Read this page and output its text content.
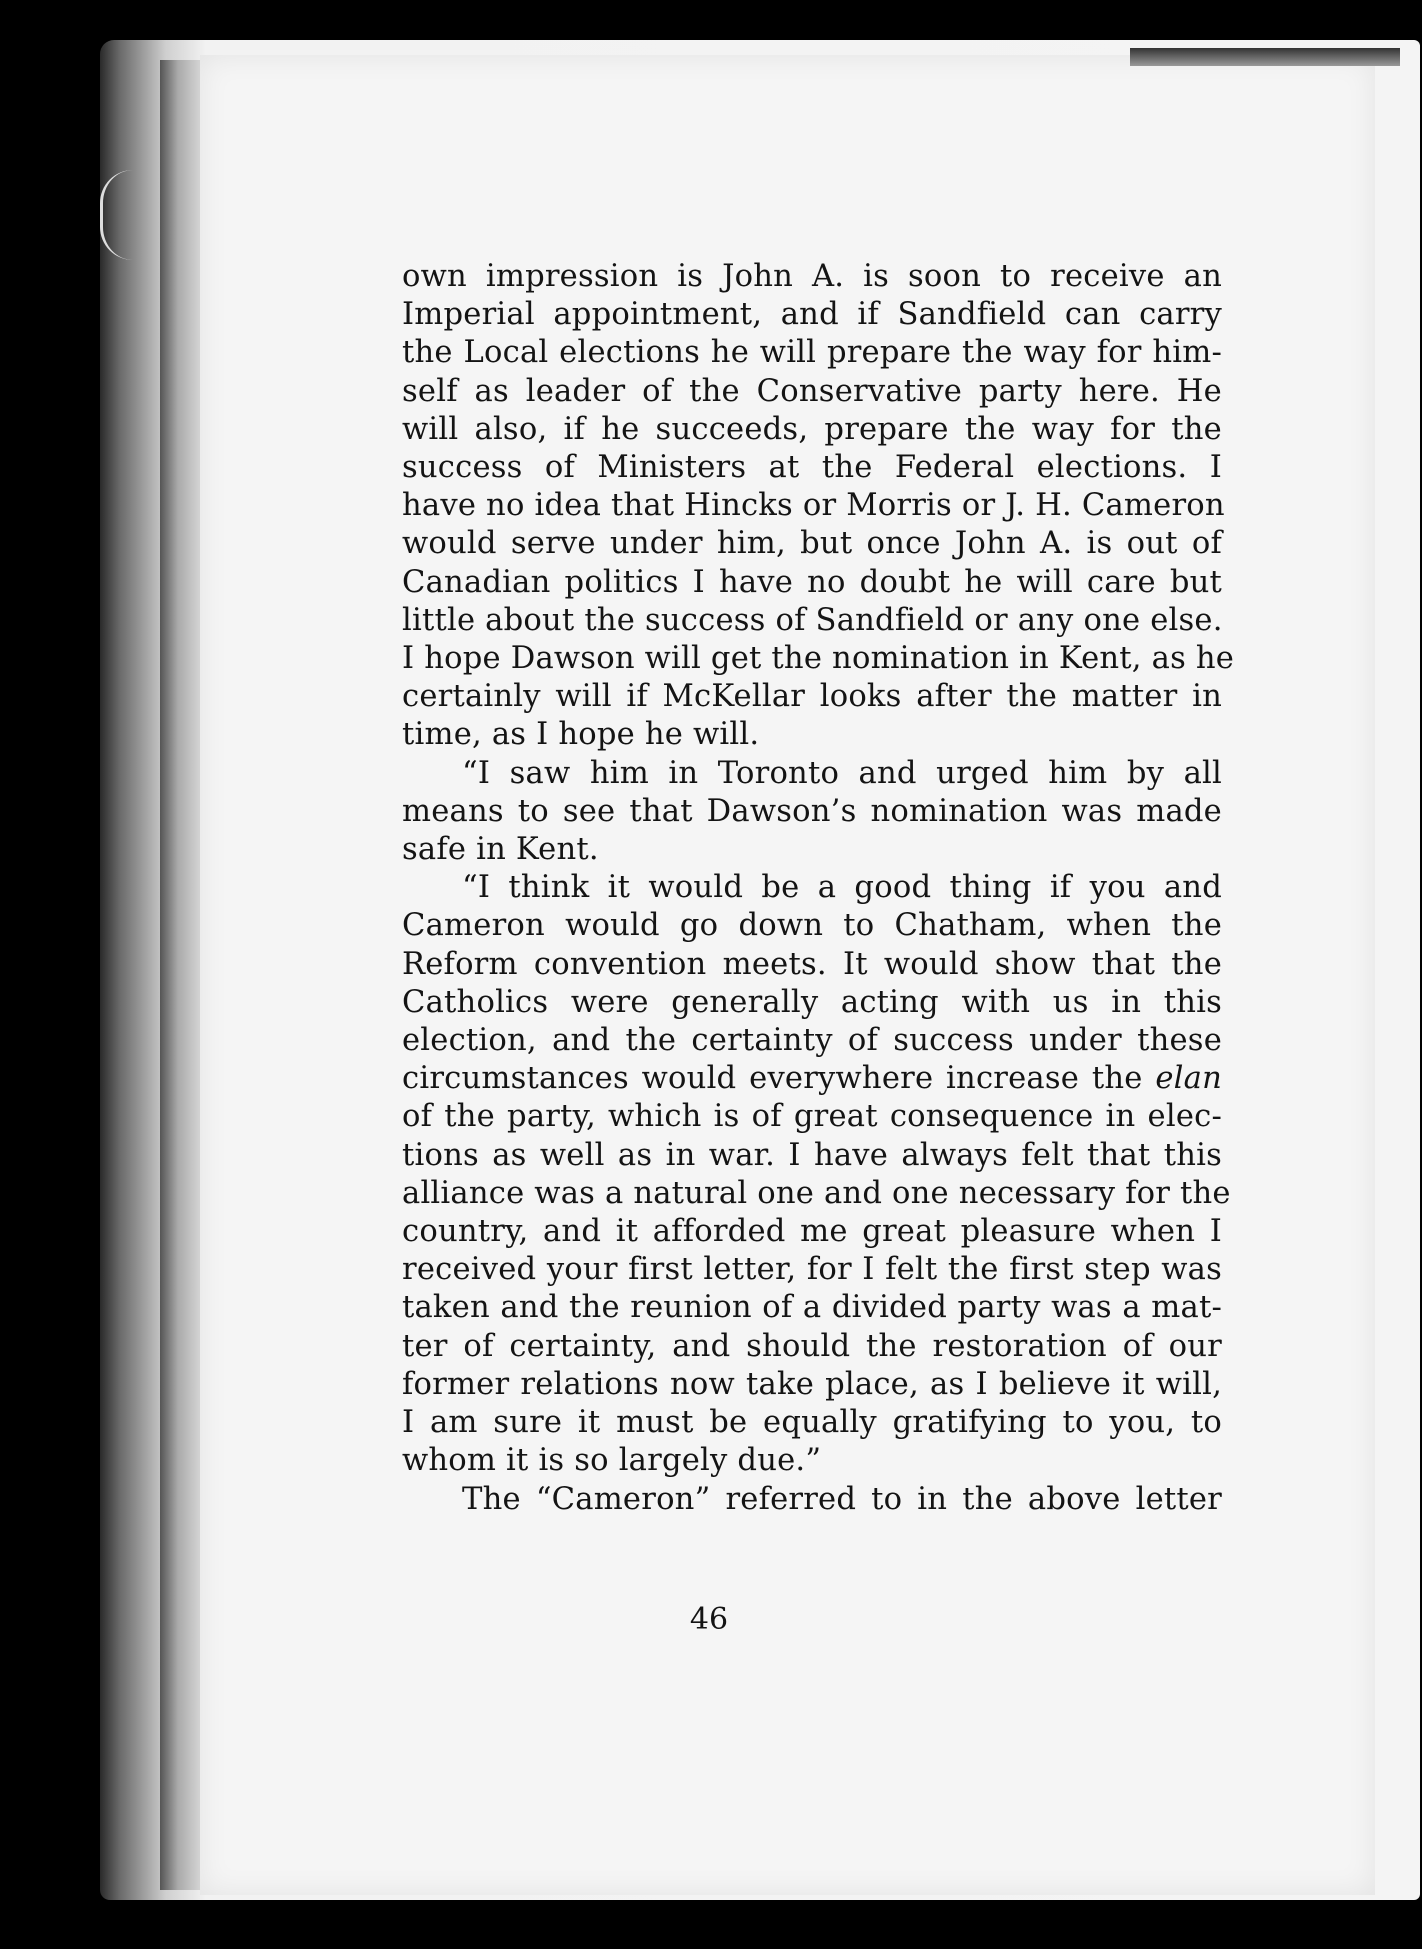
own impression is John A. is soon to receive an
Imperial appointment, and if Sandfield can carry
the Local elections he will prepare the way for him-
self as leader of the Conservative party here. He
will also, if he succeeds, prepare the way for the
success of Ministers at the Federal elections. I
have no idea that Hincks or Morris or J. H. Cameron
would serve under him, but once John A. is out of
Canadian politics I have no doubt he will care but
little about the success of Sandfield or any one else.
I hope Dawson will get the nomination in Kent, as he
certainly will if McKellar looks after the matter in
time, as I hope he will.
“I saw him in Toronto and urged him by all
means to see that Dawson’s nomination was made
safe in Kent.
“I think it would be a good thing if you and
Cameron would go down to Chatham, when the
Reform convention meets. It would show that the
Catholics were generally acting with us in this
election, and the certainty of success under these
circumstances would everywhere increase the elan
of the party, which is of great consequence in elec-
tions as well as in war. I have always felt that this
alliance was a natural one and one necessary for the
country, and it afforded me great pleasure when I
received your first letter, for I felt the first step was
taken and the reunion of a divided party was a mat-
ter of certainty, and should the restoration of our
former relations now take place, as I believe it will,
I am sure it must be equally gratifying to you, to
whom it is so largely due.”
The “Cameron” referred to in the above letter
46
